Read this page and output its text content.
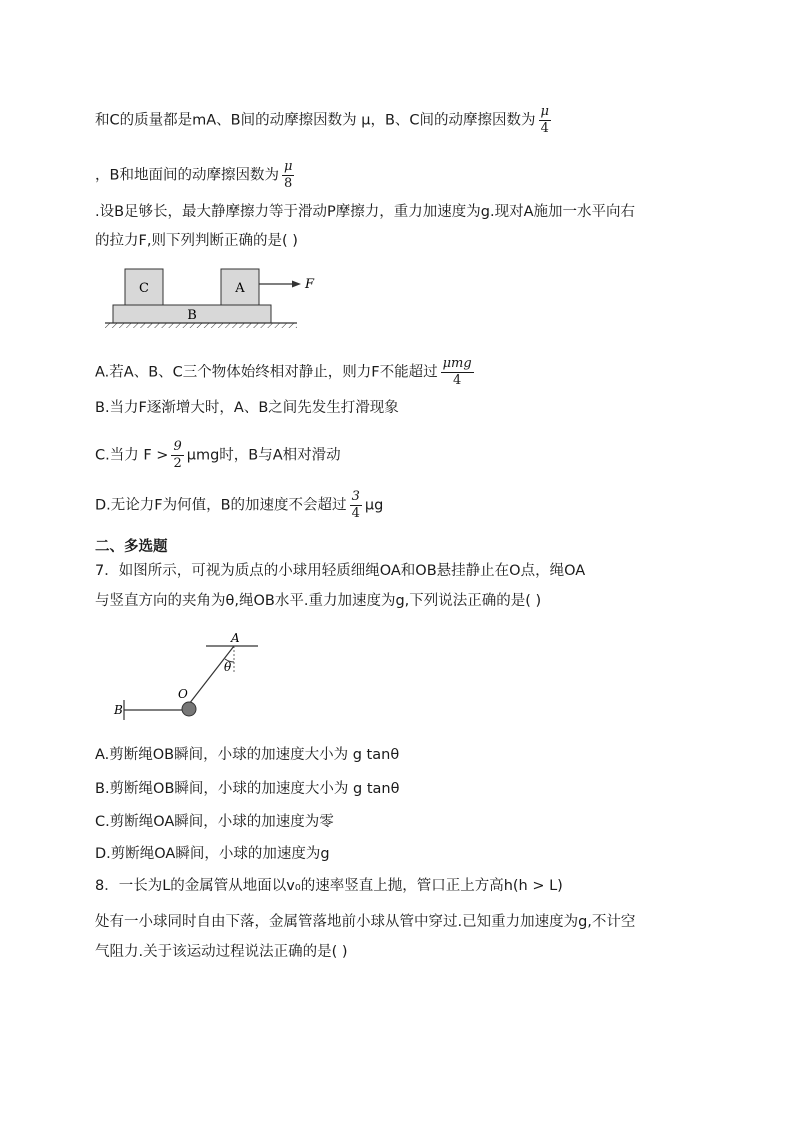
和C的质量都是mA、B间的动摩擦因数为 μ，B、C间的动摩擦因数为 $\frac{\mu}{4}$
，B和地面间的动摩擦因数为 $\frac{\mu}{8}$
.设B足够长，最大静摩擦力等于滑动P摩擦力，重力加速度为g.现对A施加一水平向右
的拉力F,则下列判断正确的是( )
C	A
B
F
A.若A、B、C三个物体始终相对静止，则力F不能超过 $\frac{\text{μmg}}{4}$
B.当力F逐渐增大时，A、B之间先发生打滑现象
C.当力 $F > \frac{9}{2}$ μmg时，B与A相对滑动
D.无论力F为何值，B的加速度不会超过 $\frac{3}{4}$ μg
二、多选题
7．如图所示，可视为质点的小球用轻质细绳OA和OB悬挂静止在O点，绳OA
与竖直方向的夹角为θ,绳OB水平.重力加速度为g,下列说法正确的是( )
A
θ
B
O
A.剪断绳OB瞬间，小球的加速度大小为 g tanθ
B.剪断绳OB瞬间，小球的加速度大小为 g tanθ
C.剪断绳OA瞬间，小球的加速度为零
D.剪断绳OA瞬间，小球的加速度为g
8．一长为L的金属管从地面以v₀的速率竖直上抛，管口正上方高h(h > L)
处有一小球同时自由下落，金属管落地前小球从管中穿过.已知重力加速度为g,不计空
气阻力.关于该运动过程说法正确的是( )
